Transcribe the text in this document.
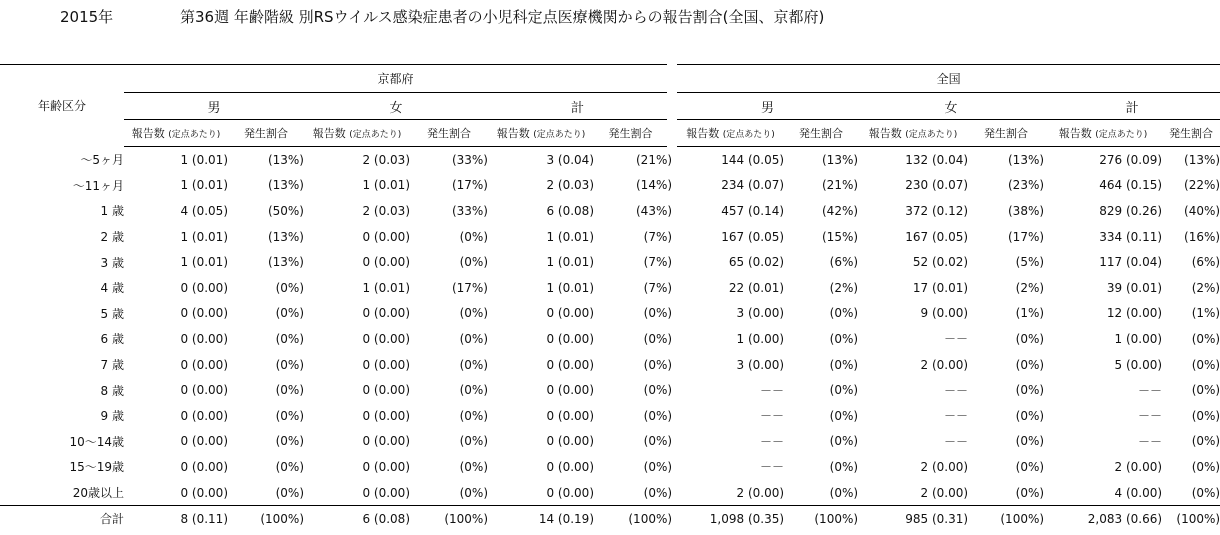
2015年	第36週 年齢階級 別RSウイルス感染症患者の小児科定点医療機関からの報告割合(全国、京都府)
年齢区分	京都府						全国					
	男		女		計		男		女		計	
	報告数 (定点あたり)	発生割合	報告数 (定点あたり)	発生割合	報告数 (定点あたり)	発生割合	報告数 (定点あたり)	発生割合	報告数 (定点あたり)	発生割合	報告数 (定点あたり)	発生割合
～5ヶ月	1 (0.01)	(13%)	2 (0.03)	(33%)	3 (0.04)	(21%)	144 (0.05)	(13%)	132 (0.04)	(13%)	276 (0.09)	(13%)
～11ヶ月	1 (0.01)	(13%)	1 (0.01)	(17%)	2 (0.03)	(14%)	234 (0.07)	(21%)	230 (0.07)	(23%)	464 (0.15)	(22%)
1 歳	4 (0.05)	(50%)	2 (0.03)	(33%)	6 (0.08)	(43%)	457 (0.14)	(42%)	372 (0.12)	(38%)	829 (0.26)	(40%)
2 歳	1 (0.01)	(13%)	0 (0.00)	(0%)	1 (0.01)	(7%)	167 (0.05)	(15%)	167 (0.05)	(17%)	334 (0.11)	(16%)
3 歳	1 (0.01)	(13%)	0 (0.00)	(0%)	1 (0.01)	(7%)	65 (0.02)	(6%)	52 (0.02)	(5%)	117 (0.04)	(6%)
4 歳	0 (0.00)	(0%)	1 (0.01)	(17%)	1 (0.01)	(7%)	22 (0.01)	(2%)	17 (0.01)	(2%)	39 (0.01)	(2%)
5 歳	0 (0.00)	(0%)	0 (0.00)	(0%)	0 (0.00)	(0%)	3 (0.00)	(0%)	9 (0.00)	(1%)	12 (0.00)	(1%)
6 歳	0 (0.00)	(0%)	0 (0.00)	(0%)	0 (0.00)	(0%)	1 (0.00)	(0%)	－－	(0%)	1 (0.00)	(0%)
7 歳	0 (0.00)	(0%)	0 (0.00)	(0%)	0 (0.00)	(0%)	3 (0.00)	(0%)	2 (0.00)	(0%)	5 (0.00)	(0%)
8 歳	0 (0.00)	(0%)	0 (0.00)	(0%)	0 (0.00)	(0%)	－－	(0%)	－－	(0%)	－－	(0%)
9 歳	0 (0.00)	(0%)	0 (0.00)	(0%)	0 (0.00)	(0%)	－－	(0%)	－－	(0%)	－－	(0%)
10～14歳	0 (0.00)	(0%)	0 (0.00)	(0%)	0 (0.00)	(0%)	－－	(0%)	－－	(0%)	－－	(0%)
15～19歳	0 (0.00)	(0%)	0 (0.00)	(0%)	0 (0.00)	(0%)	－－	(0%)	2 (0.00)	(0%)	2 (0.00)	(0%)
20歳以上	0 (0.00)	(0%)	0 (0.00)	(0%)	0 (0.00)	(0%)	2 (0.00)	(0%)	2 (0.00)	(0%)	4 (0.00)	(0%)
合計	8 (0.11)	(100%)	6 (0.08)	(100%)	14 (0.19)	(100%)	1,098 (0.35)	(100%)	985 (0.31)	(100%)	2,083 (0.66)	(100%)
